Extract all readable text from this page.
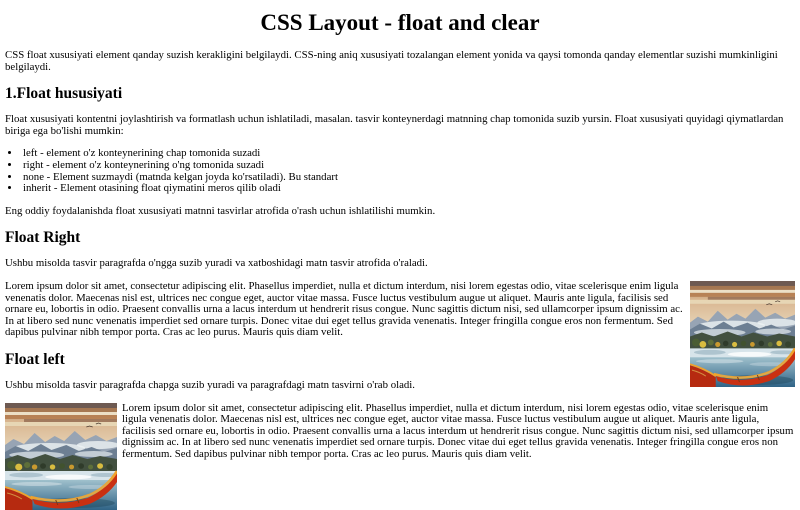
CSS Layout - float and clear

CSS float xususiyati element qanday suzish kerakligini belgilaydi. CSS-ning aniq xususiyati tozalangan element yonida va qaysi tomonda qanday elementlar suzishi mumkinligini belgilaydi.

1.Float hususiyati

Float xususiyati kontentni joylashtirish va formatlash uchun ishlatiladi, masalan. tasvir konteynerdagi matnning chap tomonida suzib yursin. Float xususiyati quyidagi qiymatlardan biriga ega bo'lishi mumkin:

• left - element o'z konteynerining chap tomonida suzadi
• right - element o'z konteynerining o'ng tomonida suzadi
• none - Element suzmaydi (matnda kelgan joyda ko'rsatiladi). Bu standart
• inherit - Element otasining float qiymatini meros qilib oladi

Eng oddiy foydalanishda float xususiyati matnni tasvirlar atrofida o'rash uchun ishlatilishi mumkin.

Float Right

Ushbu misolda tasvir paragrafda o'ngga suzib yuradi va xatboshidagi matn tasvir atrofida o'raladi.

Lorem ipsum dolor sit amet, consectetur adipiscing elit. Phasellus imperdiet, nulla et dictum interdum, nisi lorem egestas odio, vitae scelerisque enim ligula venenatis dolor. Maecenas nisl est, ultrices nec congue eget, auctor vitae massa. Fusce luctus vestibulum augue ut aliquet. Mauris ante ligula, facilisis sed ornare eu, lobortis in odio. Praesent convallis urna a lacus interdum ut hendrerit risus congue. Nunc sagittis dictum nisi, sed ullamcorper ipsum dignissim ac. In at libero sed nunc venenatis imperdiet sed ornare turpis. Donec vitae dui eget tellus gravida venenatis. Integer fringilla congue eros non fermentum. Sed dapibus pulvinar nibh tempor porta. Cras ac leo purus. Mauris quis diam velit.

Float left

Ushbu misolda tasvir paragrafda chapga suzib yuradi va paragrafdagi matn tasvirni o'rab oladi.

Lorem ipsum dolor sit amet, consectetur adipiscing elit. Phasellus imperdiet, nulla et dictum interdum, nisi lorem egestas odio, vitae scelerisque enim ligula venenatis dolor. Maecenas nisl est, ultrices nec congue eget, auctor vitae massa. Fusce luctus vestibulum augue ut aliquet. Mauris ante ligula, facilisis sed ornare eu, lobortis in odio. Praesent convallis urna a lacus interdum ut hendrerit risus congue. Nunc sagittis dictum nisi, sed ullamcorper ipsum dignissim ac. In at libero sed nunc venenatis imperdiet sed ornare turpis. Donec vitae dui eget tellus gravida venenatis. Integer fringilla congue eros non fermentum. Sed dapibus pulvinar nibh tempor porta. Cras ac leo purus. Mauris quis diam velit.
